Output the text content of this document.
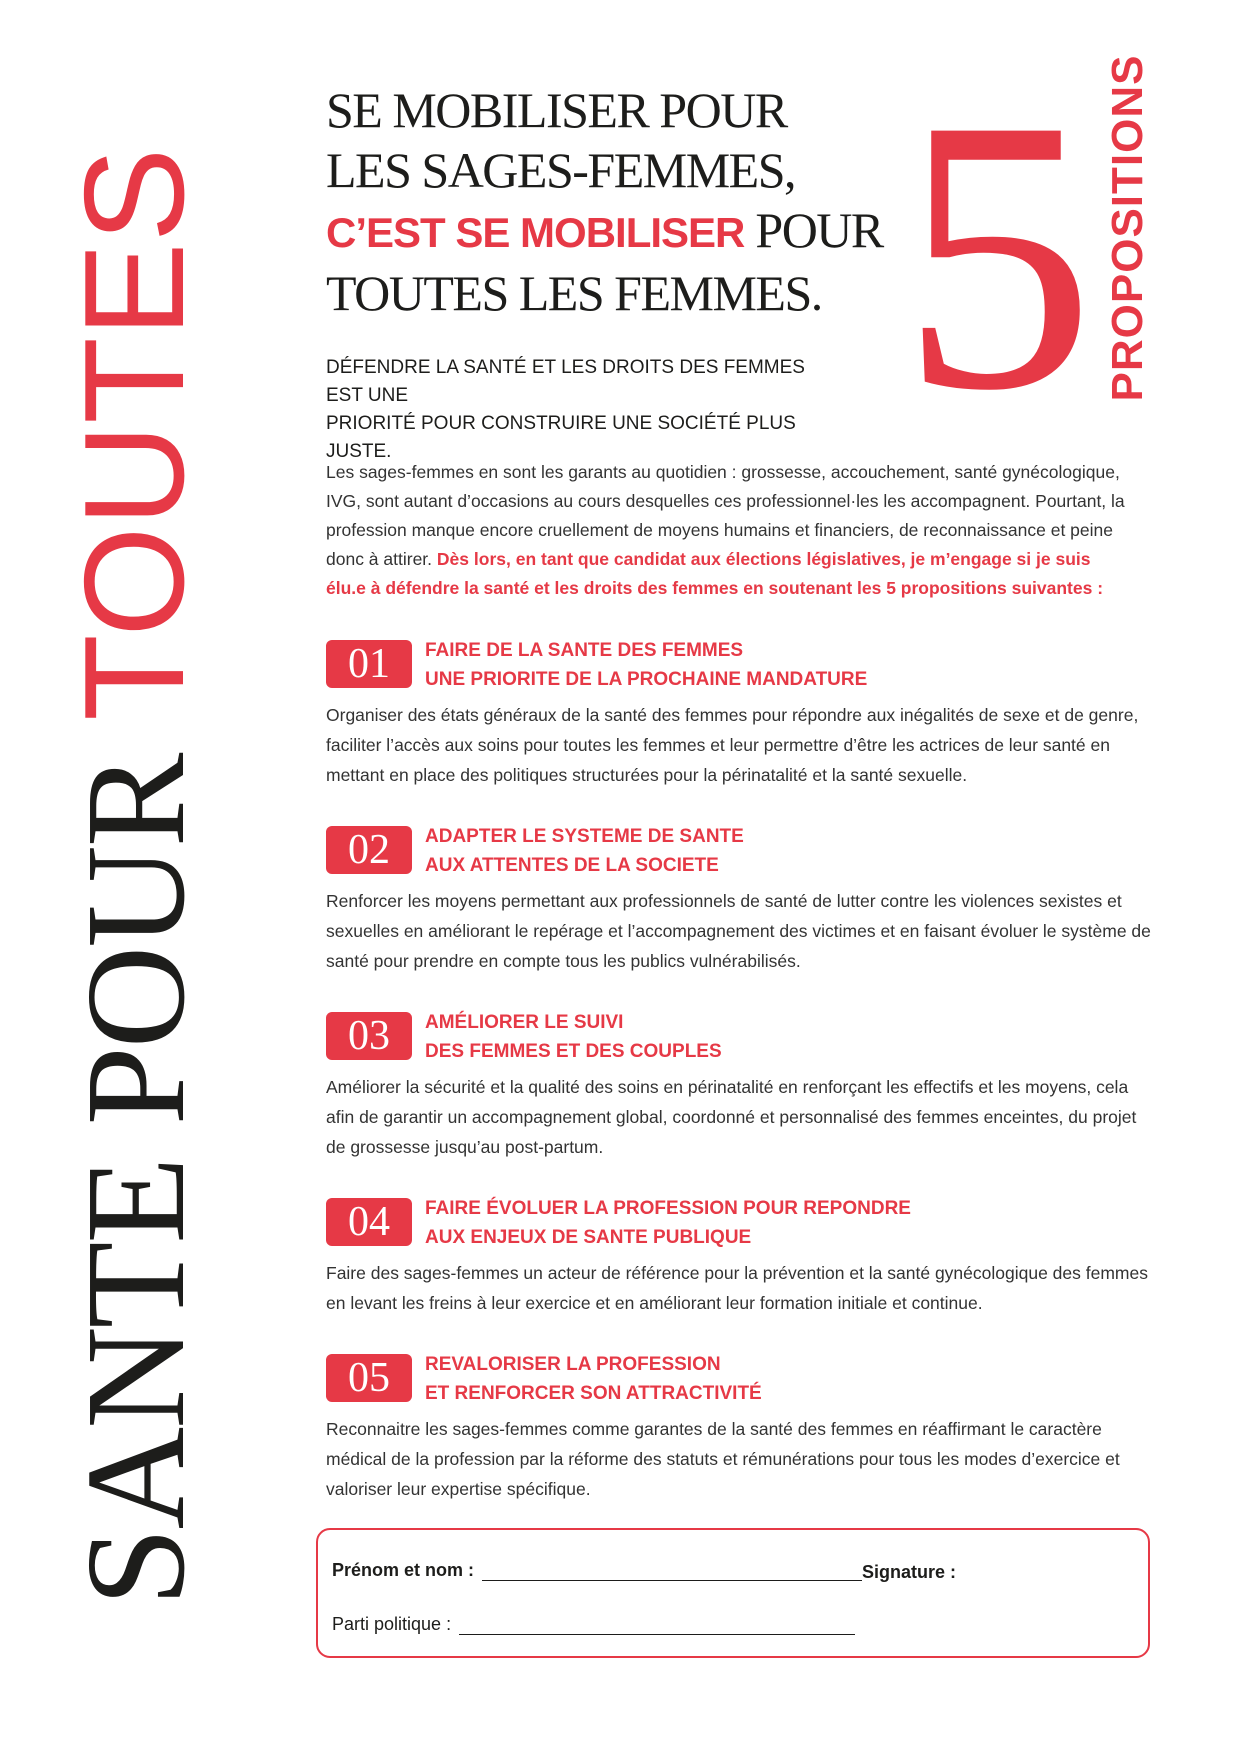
SANTE POUR TOUTES
SE MOBILISER POUR
LES SAGES-FEMMES,
C’EST SE MOBILISER POUR
TOUTES LES FEMMES. 5 PROPOSITIONS
DÉFENDRE LA SANTÉ ET LES DROITS DES FEMMES EST UNE
PRIORITÉ POUR CONSTRUIRE UNE SOCIÉTÉ PLUS JUSTE.
Les sages-femmes en sont les garants au quotidien : grossesse, accouchement, santé gynécologique, IVG, sont autant d’occasions au cours desquelles ces professionnel·les les accompagnent. Pourtant, la profession manque encore cruellement de moyens humains et financiers, de reconnaissance et peine donc à attirer. Dès lors, en tant que candidat aux élections législatives, je m’engage si je suis élu.e à défendre la santé et les droits des femmes en soutenant les 5 propositions suivantes :
01	FAIRE DE LA SANTE DES FEMMES
UNE PRIORITE DE LA PROCHAINE MANDATURE
Organiser des états généraux de la santé des femmes pour répondre aux inégalités de sexe et de genre, faciliter l’accès aux soins pour toutes les femmes et leur permettre d’être les actrices de leur santé en mettant en place des politiques structurées pour la périnatalité et la santé sexuelle.
02	ADAPTER LE SYSTEME DE SANTE
AUX ATTENTES DE LA SOCIETE
Renforcer les moyens permettant aux professionnels de santé de lutter contre les violences sexistes et sexuelles en améliorant le repérage et l’accompagnement des victimes et en faisant évoluer le système de santé pour prendre en compte tous les publics vulnérabilisés.
03	AMÉLIORER LE SUIVI
DES FEMMES ET DES COUPLES
Améliorer la sécurité et la qualité des soins en périnatalité en renforçant les effectifs et les moyens, cela afin de garantir un accompagnement global, coordonné et personnalisé des femmes enceintes, du projet de grossesse jusqu’au post-partum.
04	FAIRE ÉVOLUER LA PROFESSION POUR REPONDRE
AUX ENJEUX DE SANTE PUBLIQUE
Faire des sages-femmes un acteur de référence pour la prévention et la santé gynécologique des femmes en levant les freins à leur exercice et en améliorant leur formation initiale et continue.
05	REVALORISER LA PROFESSION
ET RENFORCER SON ATTRACTIVITÉ
Reconnaitre les sages-femmes comme garantes de la santé des femmes en réaffirmant le caractère médical de la profession par la réforme des statuts et rémunérations pour tous les modes d’exercice et valoriser leur expertise spécifique.
Prénom et nom :	Signature :
Parti politique :
